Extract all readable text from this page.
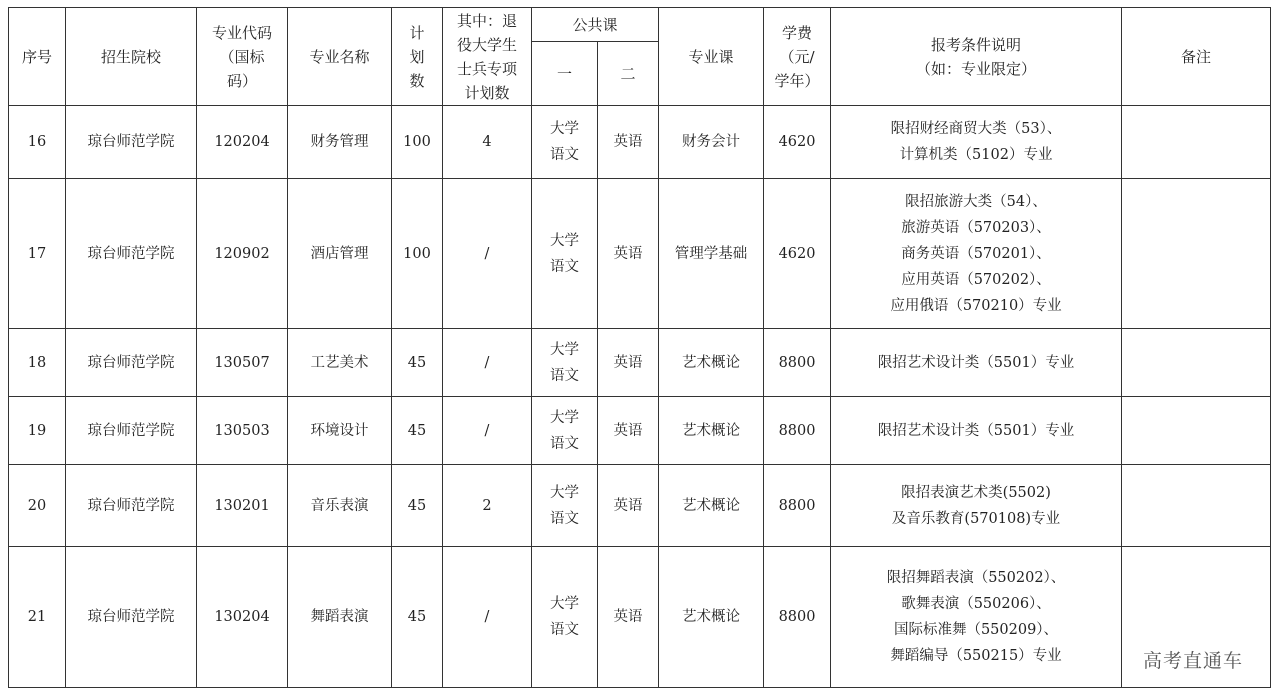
序号	招生院校	专业代码
（国标
码）	专业名称	计
划
数	其中：退
役大学生
士兵专项
计划数	公共课		专业课	学费
（元/
学年）	报考条件说明
（如：专业限定）	备注
						一	二				
16	琼台师范学院	120204	财务管理	100	4	大学
语文	英语	财务会计	4620	限招财经商贸大类（53）、
计算机类（5102）专业	
17	琼台师范学院	120902	酒店管理	100	/	大学
语文	英语	管理学基础	4620	限招旅游大类（54）、
旅游英语（570203）、
商务英语（570201）、
应用英语（570202）、
应用俄语（570210）专业	
18	琼台师范学院	130507	工艺美术	45	/	大学
语文	英语	艺术概论	8800	限招艺术设计类（5501）专业	
19	琼台师范学院	130503	环境设计	45	/	大学
语文	英语	艺术概论	8800	限招艺术设计类（5501）专业	
20	琼台师范学院	130201	音乐表演	45	2	大学
语文	英语	艺术概论	8800	限招表演艺术类(5502)
及音乐教育(570108)专业	
21	琼台师范学院	130204	舞蹈表演	45	/	大学
语文	英语	艺术概论	8800	限招舞蹈表演（550202）、
歌舞表演（550206）、
国际标准舞（550209）、
舞蹈编导（550215）专业		高考直通车
